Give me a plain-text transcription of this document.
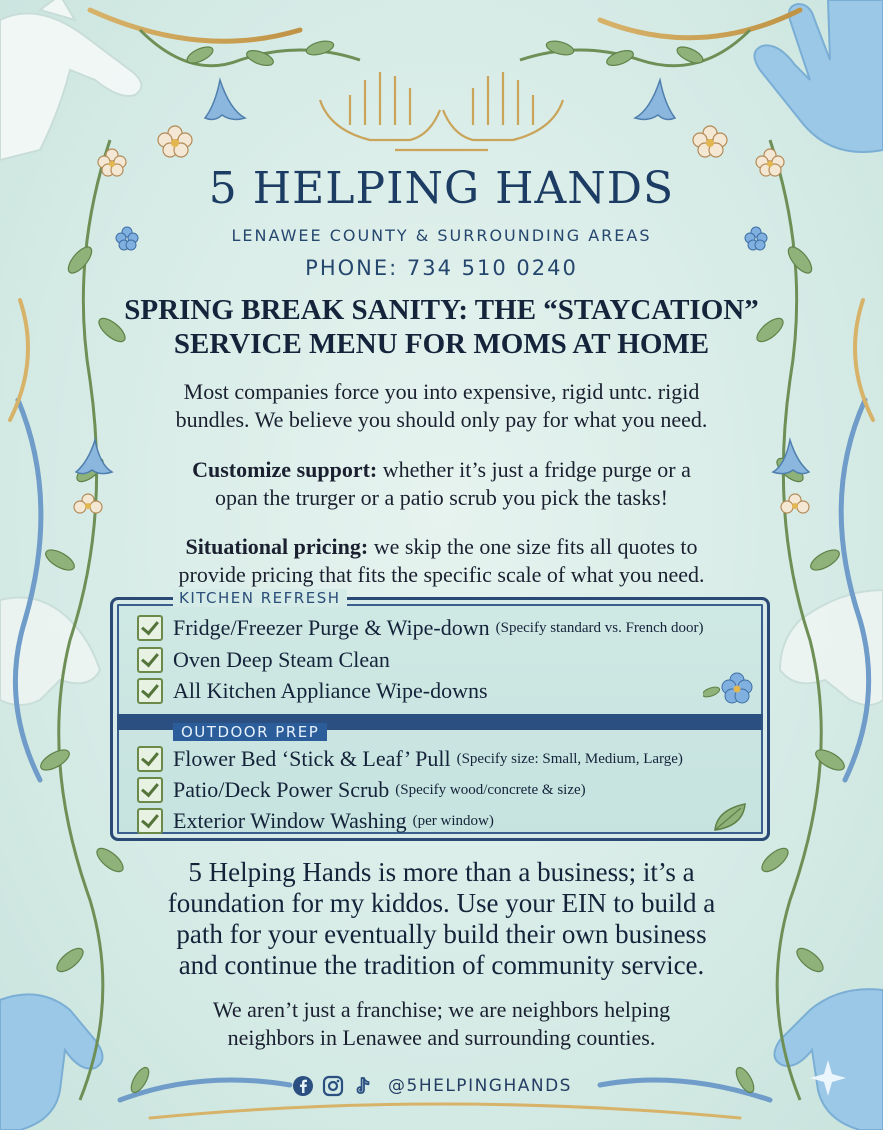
5 HELPING HANDS
LENAWEE COUNTY & SURROUNDING AREAS
PHONE: 734 510 0240
SPRING BREAK SANITY: THE “STAYCATION”
SERVICE MENU FOR MOMS AT HOME
Most companies force you into expensive, rigid untc. rigid
bundles. We believe you should only pay for what you need.
Customize support: whether it’s just a fridge purge or a
opan the trurger or a patio scrub you pick the tasks!
Situational pricing: we skip the one size fits all quotes to
provide pricing that fits the specific scale of what you need.
KITCHEN REFRESH
Fridge/Freezer Purge & Wipe-down (Specify standard vs. French door)
Oven Deep Steam Clean
All Kitchen Appliance Wipe-downs
OUTDOOR PREP
Flower Bed ‘Stick & Leaf’ Pull (Specify size: Small, Medium, Large)
Patio/Deck Power Scrub (Specify wood/concrete & size)
Exterior Window Washing (per window)
5 Helping Hands is more than a business; it’s a
foundation for my kiddos. Use your EIN to build a
path for your eventually build their own business
and continue the tradition of community service.
We aren’t just a franchise; we are neighbors helping
neighbors in Lenawee and surrounding counties.
@5HELPINGHANDS
